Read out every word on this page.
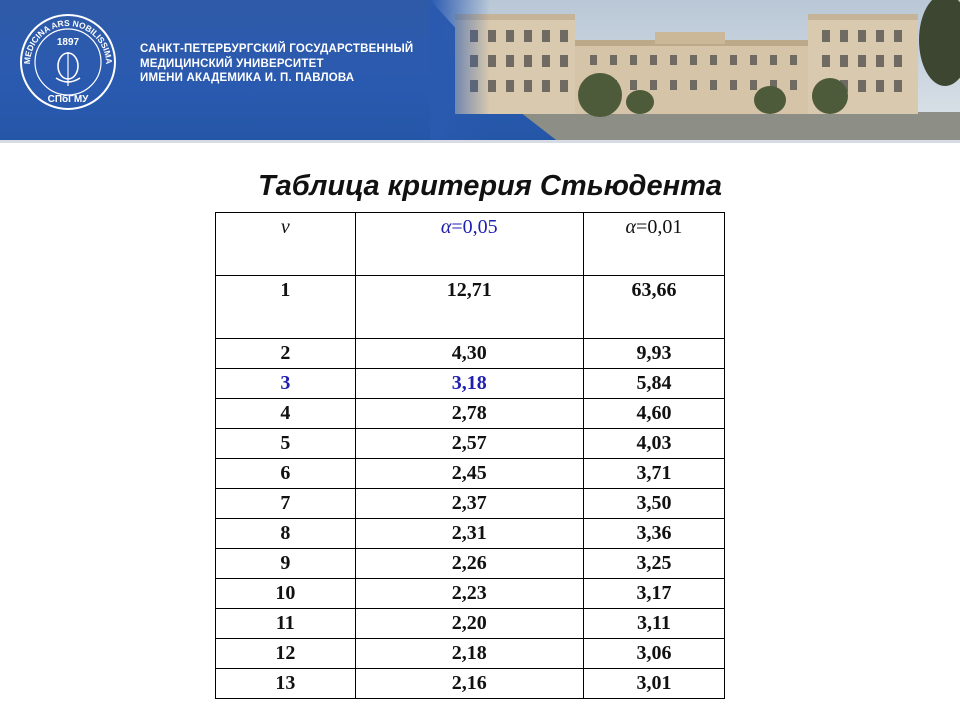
MEDICINA ARS NOBILISSIMA
1897
СПбГМУ
САНКТ-ПЕТЕРБУРГСКИЙ ГОСУДАРСТВЕННЫЙ
МЕДИЦИНСКИЙ УНИВЕРСИТЕТ
ИМЕНИ АКАДЕМИКА И. П. ПАВЛОВА
Таблица критерия Стьюдента
ν	α=0,05	α=0,01
1	12,71	63,66
2	4,30	9,93
3	3,18	5,84
4	2,78	4,60
5	2,57	4,03
6	2,45	3,71
7	2,37	3,50
8	2,31	3,36
9	2,26	3,25
10	2,23	3,17
11	2,20	3,11
12	2,18	3,06
13	2,16	3,01
